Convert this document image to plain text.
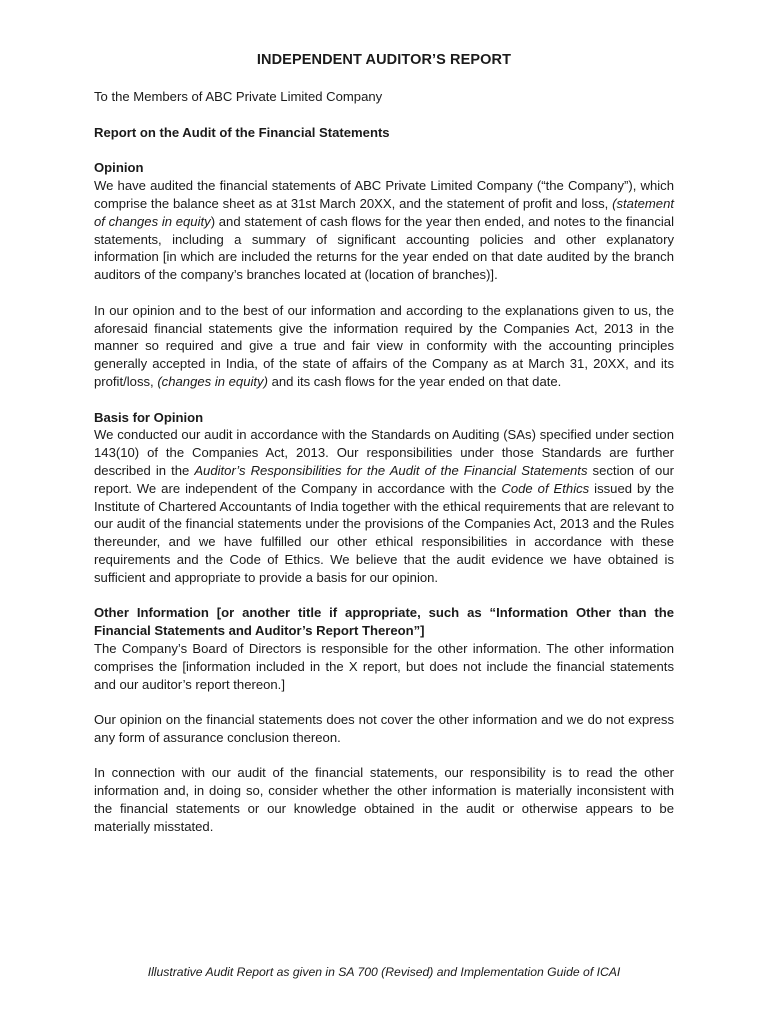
INDEPENDENT AUDITOR’S REPORT
To the Members of ABC Private Limited Company
Report on the Audit of the Financial Statements
Opinion

We have audited the financial statements of ABC Private Limited Company (“the Company”), which comprise the balance sheet as at 31st March 20XX, and the statement of profit and loss, (statement of changes in equity) and statement of cash flows for the year then ended, and notes to the financial statements, including a summary of significant accounting policies and other explanatory information [in which are included the returns for the year ended on that date audited by the branch auditors of the company’s branches located at (location of branches)].

In our opinion and to the best of our information and according to the explanations given to us, the aforesaid financial statements give the information required by the Companies Act, 2013 in the manner so required and give a true and fair view in conformity with the accounting principles generally accepted in India, of the state of affairs of the Company as at March 31, 20XX, and its profit/loss, (changes in equity) and its cash flows for the year ended on that date.

Basis for Opinion

We conducted our audit in accordance with the Standards on Auditing (SAs) specified under section 143(10) of the Companies Act, 2013. Our responsibilities under those Standards are further described in the Auditor’s Responsibilities for the Audit of the Financial Statements section of our report. We are independent of the Company in accordance with the Code of Ethics issued by the Institute of Chartered Accountants of India together with the ethical requirements that are relevant to our audit of the financial statements under the provisions of the Companies Act, 2013 and the Rules thereunder, and we have fulfilled our other ethical responsibilities in accordance with these requirements and the Code of Ethics. We believe that the audit evidence we have obtained is sufficient and appropriate to provide a basis for our opinion.

Other Information [or another title if appropriate, such as “Information Other than the Financial Statements and Auditor’s Report Thereon”]

The Company’s Board of Directors is responsible for the other information. The other information comprises the [information included in the X report, but does not include the financial statements and our auditor’s report thereon.]

Our opinion on the financial statements does not cover the other information and we do not express any form of assurance conclusion thereon.

In connection with our audit of the financial statements, our responsibility is to read the other information and, in doing so, consider whether the other information is materially inconsistent with the financial statements or our knowledge obtained in the audit or otherwise appears to be materially misstated.

Illustrative Audit Report as given in SA 700 (Revised) and Implementation Guide of ICAI
